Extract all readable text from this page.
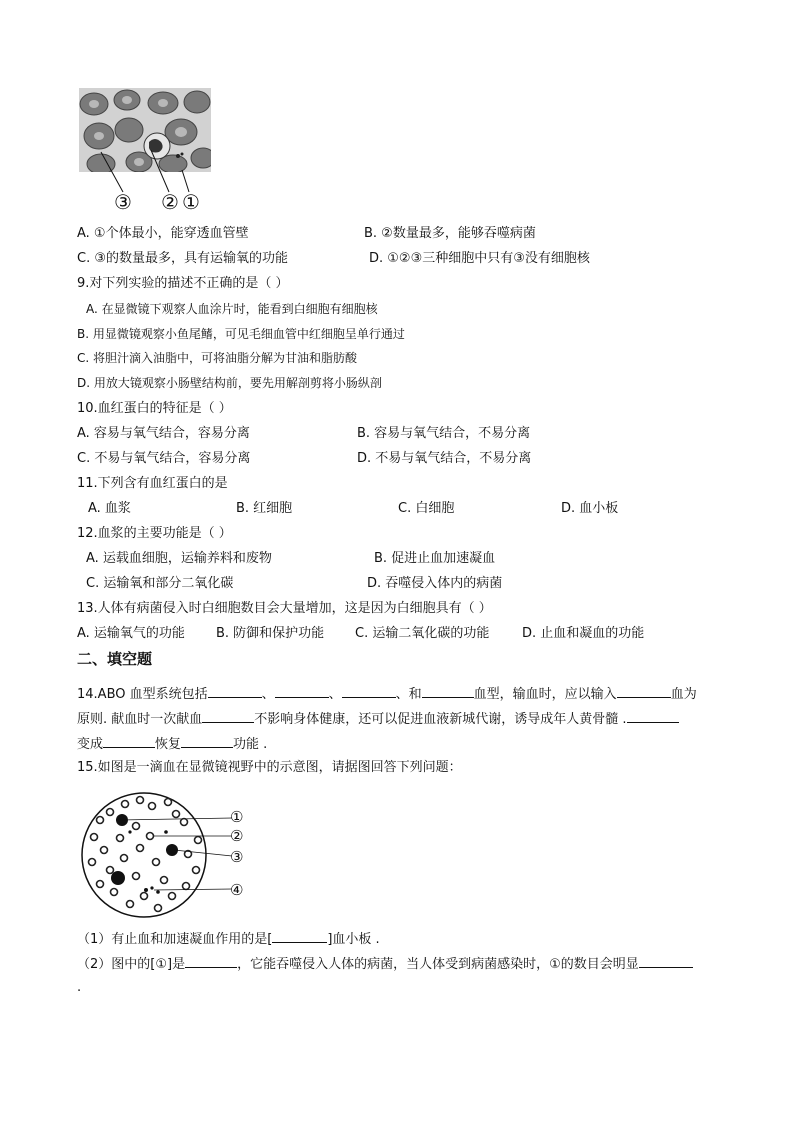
③ ② ①
A. ①个体最小，能穿透血管壁	B. ②数量最多，能够吞噬病菌
C. ③的数量最多，具有运输氧的功能	D. ①②③三种细胞中只有③没有细胞核
9.对下列实验的描述不正确的是（ ）
A. 在显微镜下观察人血涂片时，能看到白细胞有细胞核
B. 用显微镜观察小鱼尾鳍，可见毛细血管中红细胞呈单行通过
C. 将胆汁滴入油脂中，可将油脂分解为甘油和脂肪酸
D. 用放大镜观察小肠壁结构前，要先用解剖剪将小肠纵剖
10.血红蛋白的特征是（ ）
A. 容易与氧气结合，容易分离	B. 容易与氧气结合，不易分离
C. 不易与氧气结合，容易分离	D. 不易与氧气结合，不易分离
11.下列含有血红蛋白的是
A. 血浆	B. 红细胞	C. 白细胞	D. 血小板
12.血浆的主要功能是（ ）
A. 运载血细胞，运输养料和废物	B. 促进止血加速凝血
C. 运输氧和部分二氧化碳	D. 吞噬侵入体内的病菌
13.人体有病菌侵入时白细胞数目会大量增加，这是因为白细胞具有（ ）
A. 运输氧气的功能 B. 防御和保护功能 C. 运输二氧化碳的功能	D. 止血和凝血的功能
二、填空题
14.ABO 血型系统包括	、	、	、和	血型，输血时，应以输入	血为
原则. 献血时一次献血	不影响身体健康，还可以促进血液新城代谢，诱导成年人黄骨髓 .
变成	恢复	功能 .
15.如图是一滴血在显微镜视野中的示意图，请据图回答下列问题：
①
②
③
④
（1）有止血和加速凝血作用的是[	]血小板 .
（2）图中的[①]是	，它能吞噬侵入人体的病菌，当人体受到病菌感染时，①的数目会明显
.
